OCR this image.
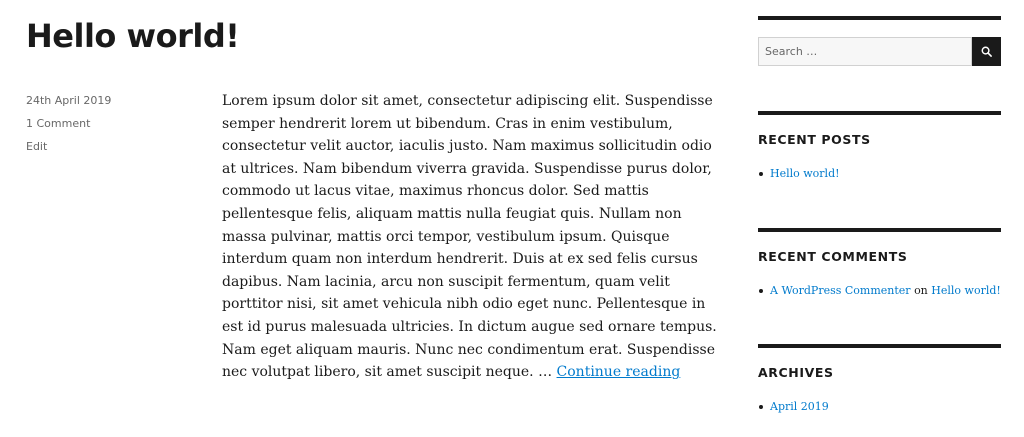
Hello world!
24th April 2019
1 Comment
Edit

Lorem ipsum dolor sit amet, consectetur adipiscing elit. Suspendisse semper hendrerit lorem ut bibendum. Cras in enim vestibulum, consectetur velit auctor, iaculis justo. Nam maximus sollicitudin odio at ultrices. Nam bibendum viverra gravida. Suspendisse purus dolor, commodo ut lacus vitae, maximus rhoncus dolor. Sed mattis pellentesque felis, aliquam mattis nulla feugiat quis. Nullam non massa pulvinar, mattis orci tempor, vestibulum ipsum. Quisque interdum quam non interdum hendrerit. Duis at ex sed felis cursus dapibus. Nam lacinia, arcu non suscipit fermentum, quam velit porttitor nisi, sit amet vehicula nibh odio eget nunc. Pellentesque in est id purus malesuada ultricies. In dictum augue sed ornare tempus. Nam eget aliquam mauris. Nunc nec condimentum erat. Suspendisse nec volutpat libero, sit amet suscipit neque. … Continue reading

Search …
RECENT POSTS
Hello world!
RECENT COMMENTS
A WordPress Commenter on Hello world!
ARCHIVES
April 2019
